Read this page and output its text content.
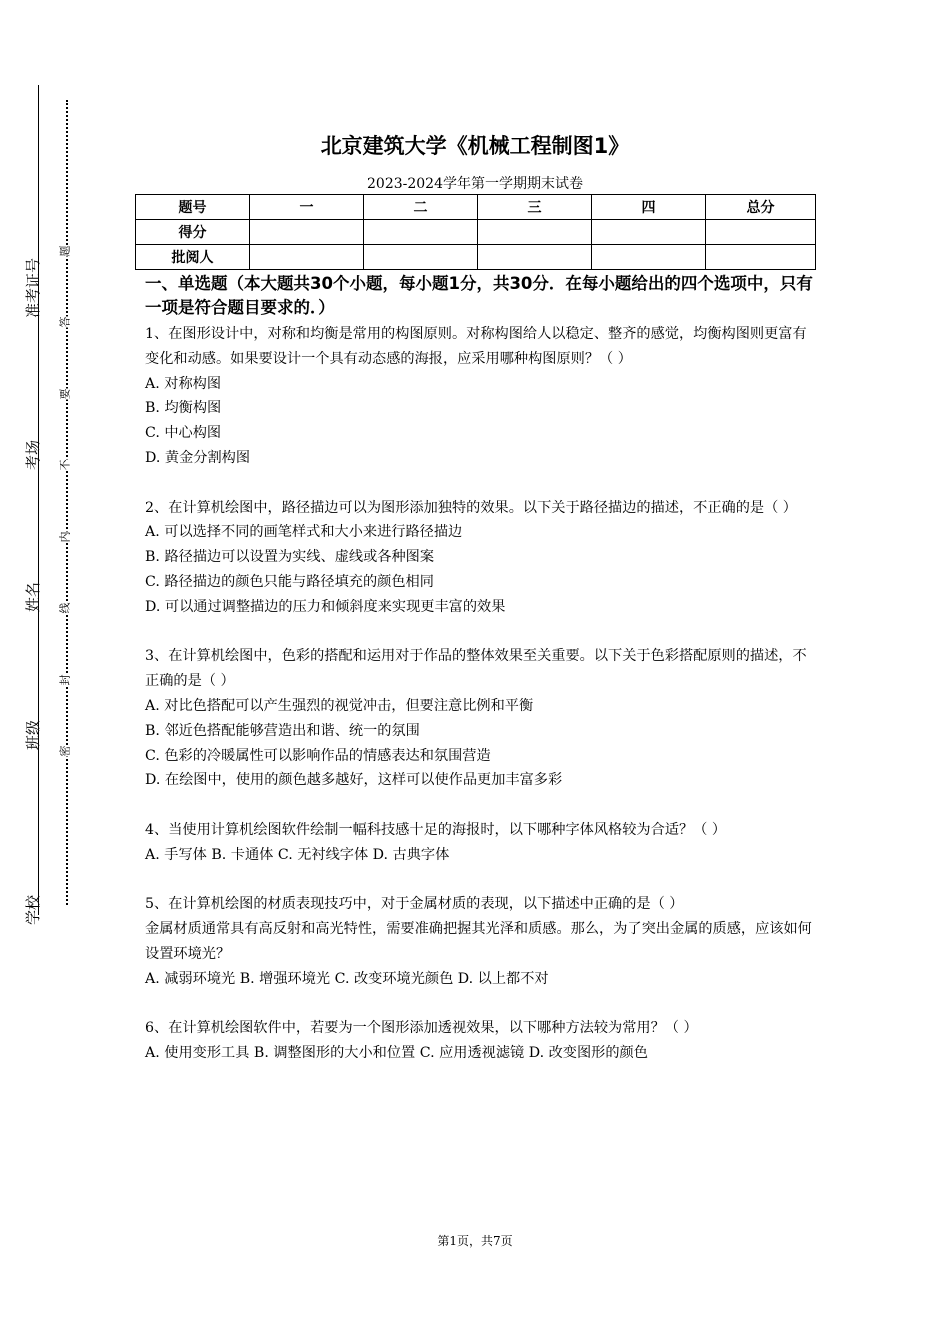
准考证号
考场
姓名
班级
学校
题
答
要
不
内
线
封
密
北京建筑大学《机械工程制图1》
2023-2024学年第一学期期末试卷
题号	一	二	三	四	总分
得分					
批阅人					
一、单选题（本大题共30个小题，每小题1分，共30分．在每小题给出的四个选项中，只有一项是符合题目要求的．）

1、在图形设计中，对称和均衡是常用的构图原则。对称构图给人以稳定、整齐的感觉，均衡构图则更富有变化和动感。如果要设计一个具有动态感的海报，应采用哪种构图原则？（ ）

A. 对称构图

B. 均衡构图

C. 中心构图

D. 黄金分割构图

2、在计算机绘图中，路径描边可以为图形添加独特的效果。以下关于路径描边的描述，不正确的是（ ）

A. 可以选择不同的画笔样式和大小来进行路径描边

B. 路径描边可以设置为实线、虚线或各种图案

C. 路径描边的颜色只能与路径填充的颜色相同

D. 可以通过调整描边的压力和倾斜度来实现更丰富的效果

3、在计算机绘图中，色彩的搭配和运用对于作品的整体效果至关重要。以下关于色彩搭配原则的描述，不正确的是（ ）

A. 对比色搭配可以产生强烈的视觉冲击，但要注意比例和平衡

B. 邻近色搭配能够营造出和谐、统一的氛围

C. 色彩的冷暖属性可以影响作品的情感表达和氛围营造

D. 在绘图中，使用的颜色越多越好，这样可以使作品更加丰富多彩

4、当使用计算机绘图软件绘制一幅科技感十足的海报时，以下哪种字体风格较为合适？（ ）

A. 手写体 B. 卡通体 C. 无衬线字体 D. 古典字体

5、在计算机绘图的材质表现技巧中，对于金属材质的表现，以下描述中正确的是（ ）

金属材质通常具有高反射和高光特性，需要准确把握其光泽和质感。那么，为了突出金属的质感，应该如何设置环境光？

A. 减弱环境光 B. 增强环境光 C. 改变环境光颜色 D. 以上都不对

6、在计算机绘图软件中，若要为一个图形添加透视效果，以下哪种方法较为常用？（ ）

A. 使用变形工具 B. 调整图形的大小和位置 C. 应用透视滤镜 D. 改变图形的颜色

第1页，共7页
